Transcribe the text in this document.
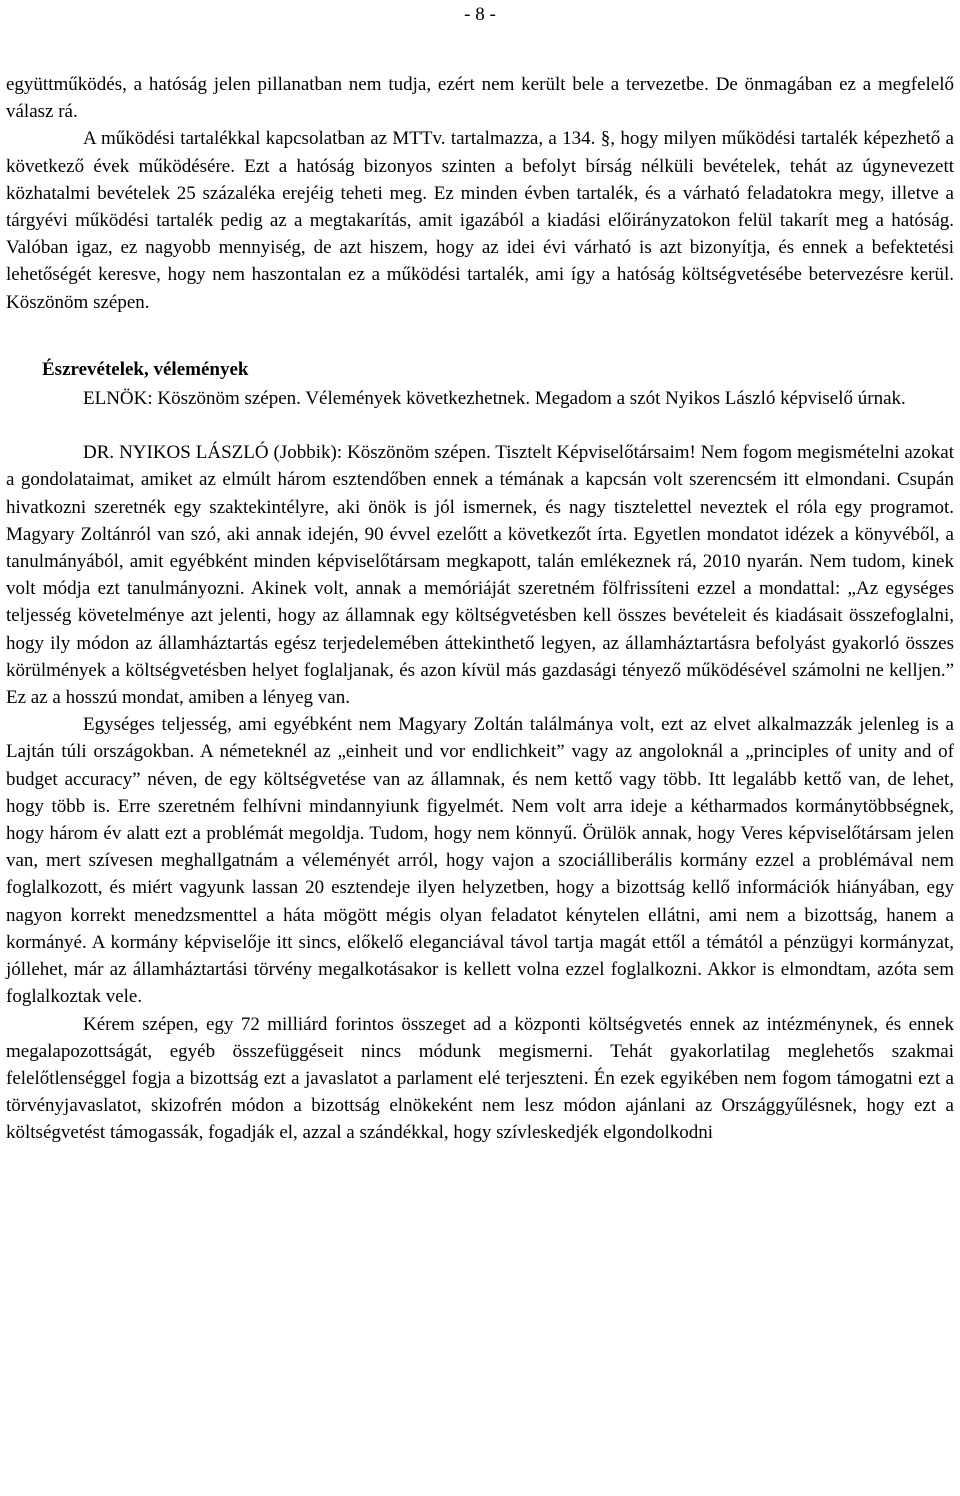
- 8 -

együttműködés, a hatóság jelen pillanatban nem tudja, ezért nem került bele a tervezetbe. De önmagában ez a megfelelő válasz rá.

A működési tartalékkal kapcsolatban az MTTv. tartalmazza, a 134. §, hogy milyen működési tartalék képezhető a következő évek működésére. Ezt a hatóság bizonyos szinten a befolyt bírság nélküli bevételek, tehát az úgynevezett közhatalmi bevételek 25 százaléka erejéig teheti meg. Ez minden évben tartalék, és a várható feladatokra megy, illetve a tárgyévi működési tartalék pedig az a megtakarítás, amit igazából a kiadási előirányzatokon felül takarít meg a hatóság. Valóban igaz, ez nagyobb mennyiség, de azt hiszem, hogy az idei évi várható is azt bizonyítja, és ennek a befektetési lehetőségét keresve, hogy nem haszontalan ez a működési tartalék, ami így a hatóság költségvetésébe betervezésre kerül. Köszönöm szépen.

Észrevételek, vélemények

ELNÖK: Köszönöm szépen. Vélemények következhetnek. Megadom a szót Nyikos László képviselő úrnak.

DR. NYIKOS LÁSZLÓ (Jobbik): Köszönöm szépen. Tisztelt Képviselőtársaim! Nem fogom megismételni azokat a gondolataimat, amiket az elmúlt három esztendőben ennek a témának a kapcsán volt szerencsém itt elmondani. Csupán hivatkozni szeretnék egy szaktekintélyre, aki önök is jól ismernek, és nagy tisztelettel neveztek el róla egy programot. Magyary Zoltánról van szó, aki annak idején, 90 évvel ezelőtt a következőt írta. Egyetlen mondatot idézek a könyvéből, a tanulmányából, amit egyébként minden képviselőtársam megkapott, talán emlékeznek rá, 2010 nyarán. Nem tudom, kinek volt módja ezt tanulmányozni. Akinek volt, annak a memóriáját szeretném fölfrissíteni ezzel a mondattal: „Az egységes teljesség követelménye azt jelenti, hogy az államnak egy költségvetésben kell összes bevételeit és kiadásait összefoglalni, hogy ily módon az államháztartás egész terjedelemében áttekinthető legyen, az államháztartásra befolyást gyakorló összes körülmények a költségvetésben helyet foglaljanak, és azon kívül más gazdasági tényező működésével számolni ne kelljen.” Ez az a hosszú mondat, amiben a lényeg van.

Egységes teljesség, ami egyébként nem Magyary Zoltán találmánya volt, ezt az elvet alkalmazzák jelenleg is a Lajtán túli országokban. A németeknél az „einheit und vor endlichkeit” vagy az angoloknál a „principles of unity and of budget accuracy” néven, de egy költségvetése van az államnak, és nem kettő vagy több. Itt legalább kettő van, de lehet, hogy több is. Erre szeretném felhívni mindannyiunk figyelmét. Nem volt arra ideje a kétharmados kormánytöbbségnek, hogy három év alatt ezt a problémát megoldja. Tudom, hogy nem könnyű. Örülök annak, hogy Veres képviselőtársam jelen van, mert szívesen meghallgatnám a véleményét arról, hogy vajon a szociálliberális kormány ezzel a problémával nem foglalkozott, és miért vagyunk lassan 20 esztendeje ilyen helyzetben, hogy a bizottság kellő információk hiányában, egy nagyon korrekt menedzsmenttel a háta mögött mégis olyan feladatot kénytelen ellátni, ami nem a bizottság, hanem a kormányé. A kormány képviselője itt sincs, előkelő eleganciával távol tartja magát ettől a témától a pénzügyi kormányzat, jóllehet, már az államháztartási törvény megalkotásakor is kellett volna ezzel foglalkozni. Akkor is elmondtam, azóta sem foglalkoztak vele.

Kérem szépen, egy 72 milliárd forintos összeget ad a központi költségvetés ennek az intézménynek, és ennek megalapozottságát, egyéb összefüggéseit nincs módunk megismerni. Tehát gyakorlatilag meglehetős szakmai felelőtlenséggel fogja a bizottság ezt a javaslatot a parlament elé terjeszteni. Én ezek egyikében nem fogom támogatni ezt a törvényjavaslatot, skizofrén módon a bizottság elnökeként nem lesz módon ajánlani az Országgyűlésnek, hogy ezt a költségvetést támogassák, fogadják el, azzal a szándékkal, hogy szívleskedjék elgondolkodni
